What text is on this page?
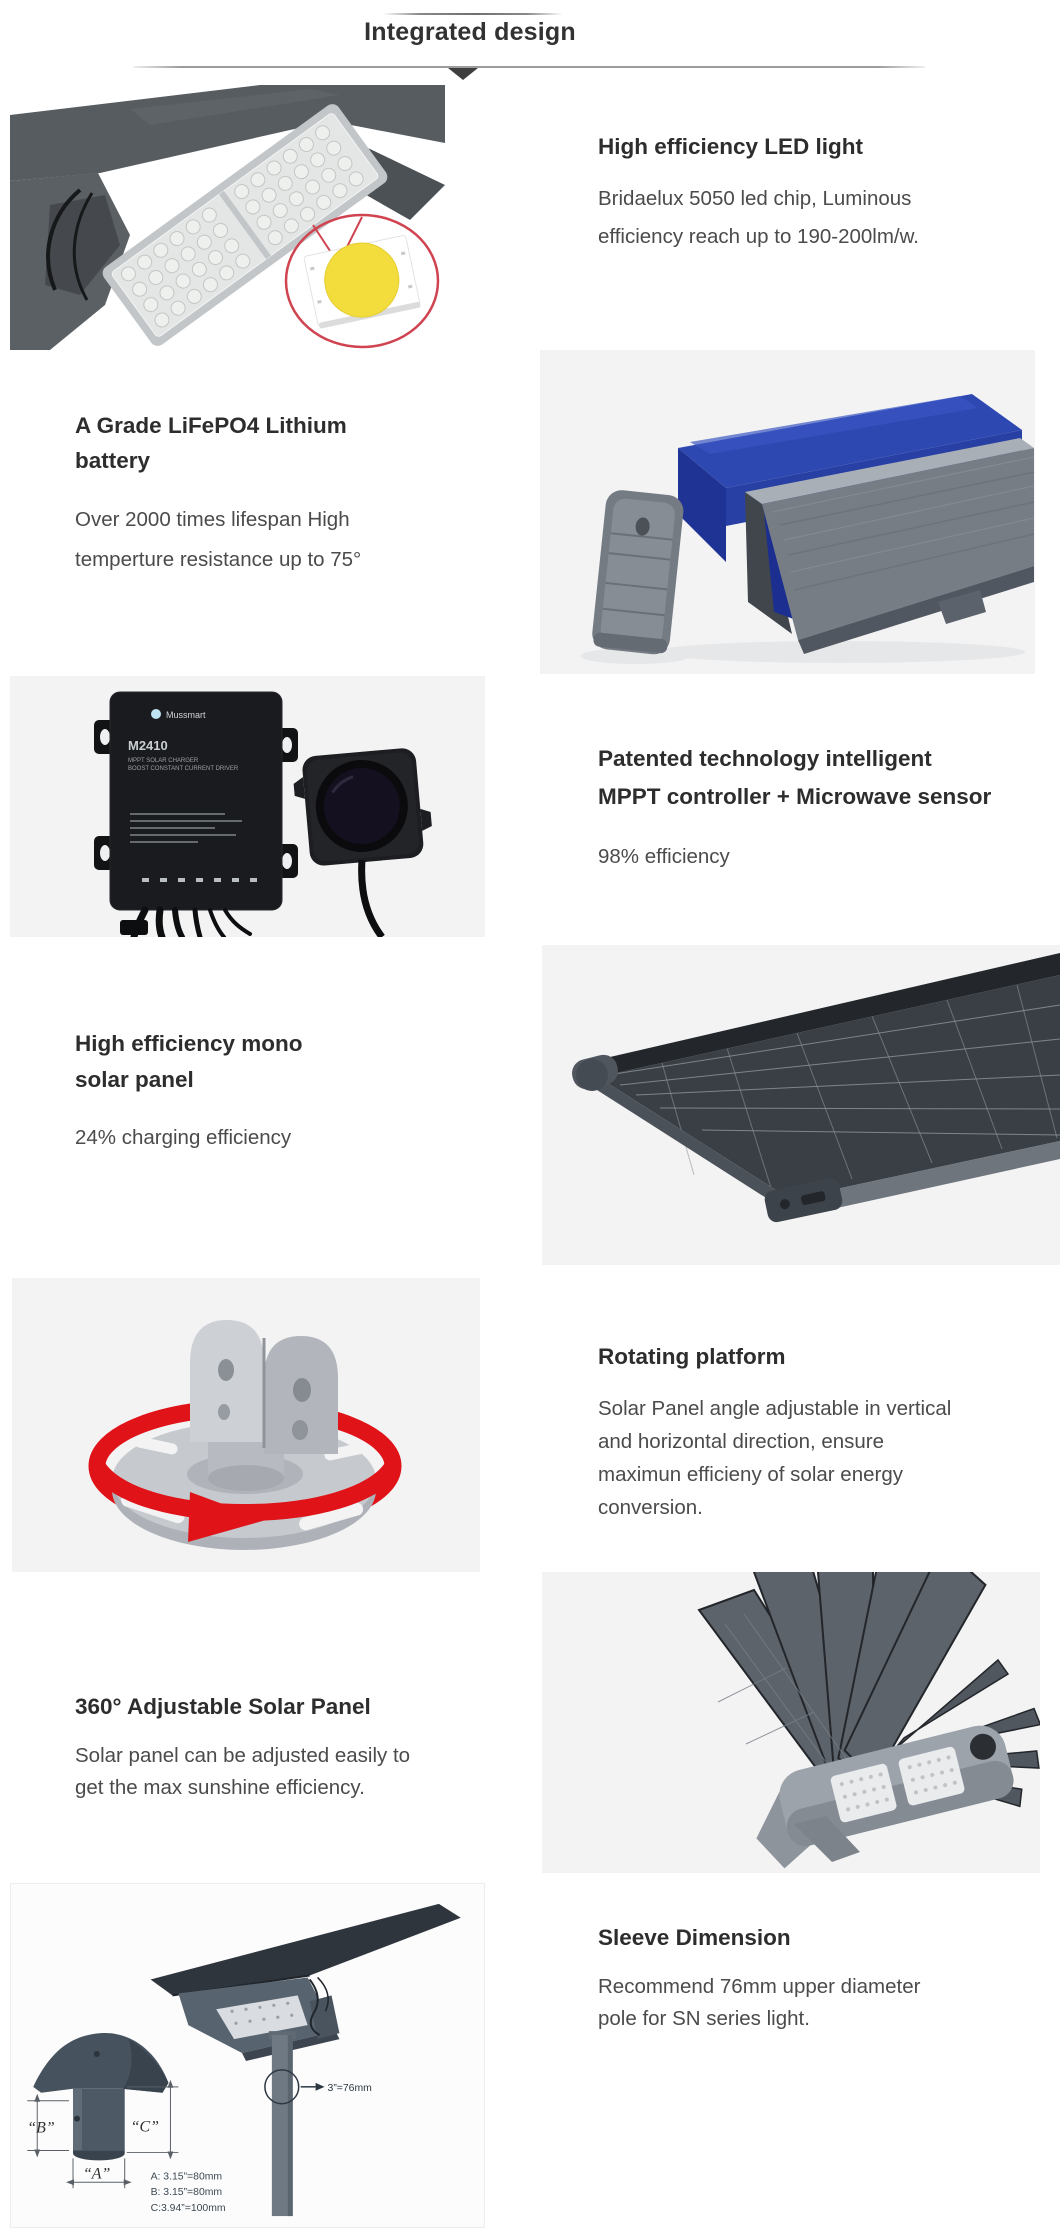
Integrated design
High efficiency LED light

Bridaelux 5050 led chip, Luminous
efficiency reach up to 190-200lm/w.

A Grade LiFePO4 Lithium
battery

Over 2000 times lifespan High
temperture resistance up to 75°

Mussmart
M2410
MPPT SOLAR CHARGER
BOOST CONSTANT CURRENT DRIVER	Patented technology intelligent
MPPT controller + Microwave sensor

98% efficiency

High efficiency mono
solar panel

24% charging efficiency

Rotating platform

Solar Panel angle adjustable in vertical
and horizontal direction, ensure
maximun efficieny of solar energy
conversion.

360° Adjustable Solar Panel

Solar panel can be adjusted easily to
get the max sunshine efficiency.

3”=76mm
“B”	“C”
“A”	A: 3.15”=80mm
B: 3.15”=80mm
C:3.94”=100mm
Sleeve Dimension

Recommend 76mm upper diameter
pole for SN series light.
